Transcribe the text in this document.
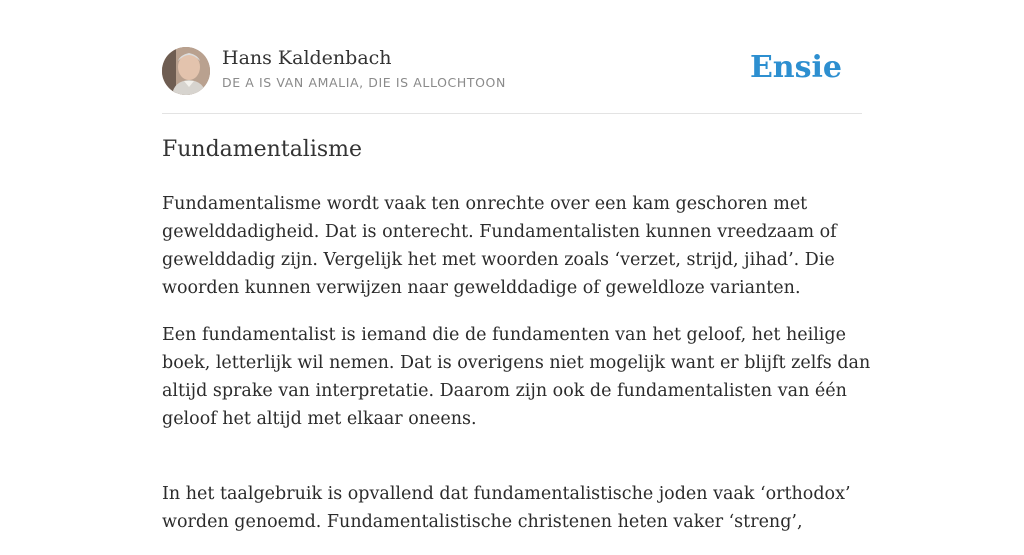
Hans Kaldenbach
DE A IS VAN AMALIA, DIE IS ALLOCHTOON	Ensie
Fundamentalisme

Fundamentalisme wordt vaak ten onrechte over een kam geschoren met
gewelddadigheid. Dat is onterecht. Fundamentalisten kunnen vreedzaam of
gewelddadig zijn. Vergelijk het met woorden zoals ‘verzet, strijd, jihad’. Die
woorden kunnen verwijzen naar gewelddadige of geweldloze varianten.

Een fundamentalist is iemand die de fundamenten van het geloof, het heilige
boek, letterlijk wil nemen. Dat is overigens niet mogelijk want er blijft zelfs dan
altijd sprake van interpretatie. Daarom zijn ook de fundamentalisten van één
geloof het altijd met elkaar oneens.

In het taalgebruik is opvallend dat fundamentalistische joden vaak ‘orthodox’
worden genoemd. Fundamentalistische christenen heten vaker ‘streng’,
